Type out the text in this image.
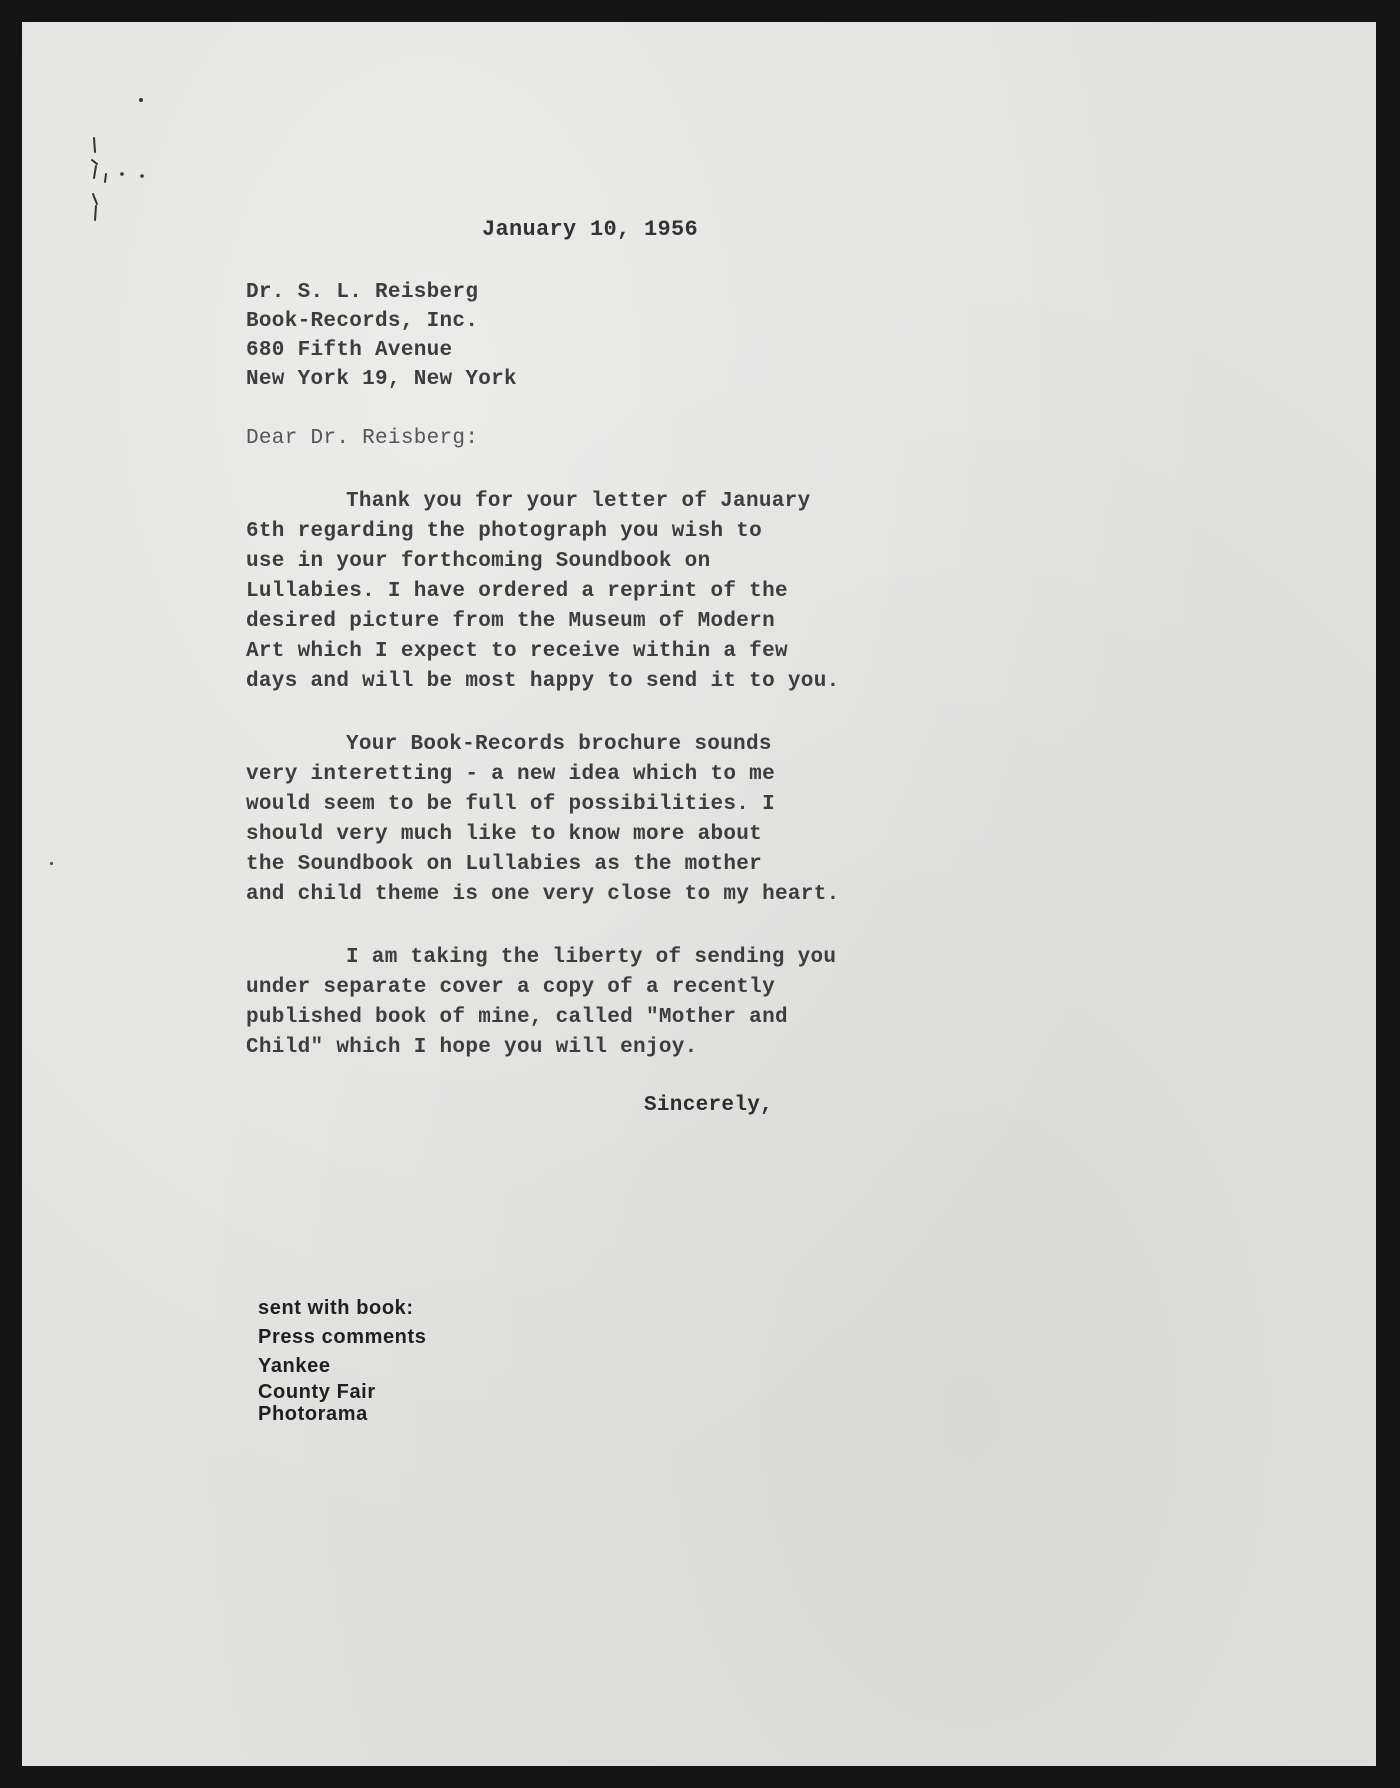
January 10, 1956

Dr. S. L. Reisberg
Book-Records, Inc.
680 Fifth Avenue
New York 19, New York

Dear Dr. Reisberg:

Thank you for your letter of January
6th regarding the photograph you wish to
use in your forthcoming Soundbook on
Lullabies. I have ordered a reprint of the
desired picture from the Museum of Modern
Art which I expect to receive within a few
days and will be most happy to send it to you.
Your Book-Records brochure sounds
very interetting - a new idea which to me
would seem to be full of possibilities. I
should very much like to know more about
the Soundbook on Lullabies as the mother
and child theme is one very close to my heart.
I am taking the liberty of sending you
under separate cover a copy of a recently
published book of mine, called "Mother and
Child" which I hope you will enjoy.

Sincerely,

sent with book:
Press comments
Yankee
County Fair
Photorama
